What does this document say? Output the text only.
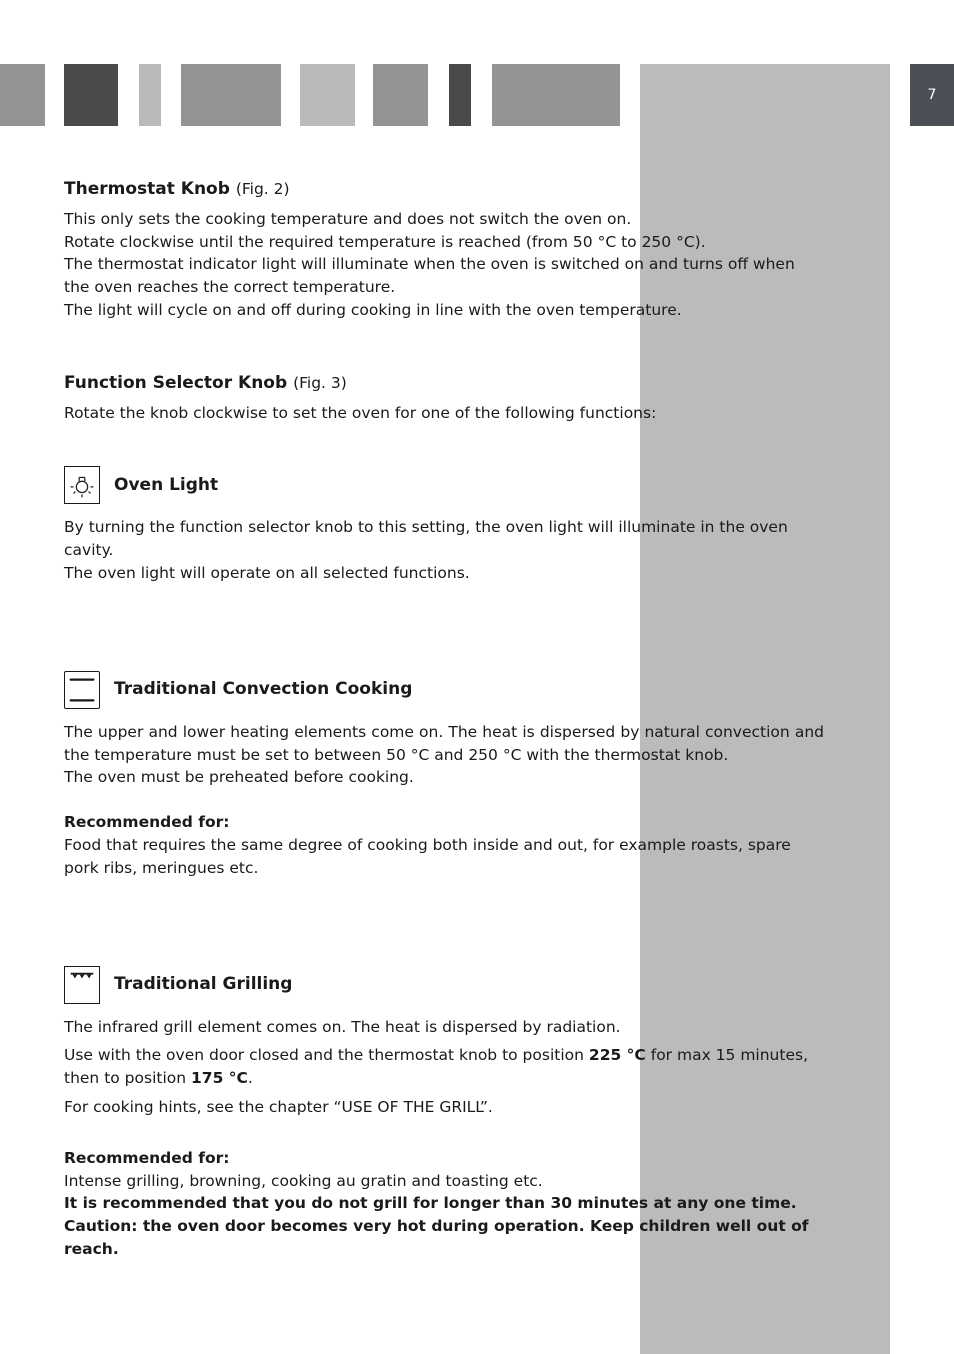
7
Thermostat Knob (Fig. 2)

This only sets the cooking temperature and does not switch the oven on.

Rotate clockwise until the required temperature is reached (from 50 °C to 250 °C).

The thermostat indicator light will illuminate when the oven is switched on and turns off when the oven reaches the correct temperature.

The light will cycle on and off during cooking in line with the oven temperature.

Function Selector Knob (Fig. 3)

Rotate the knob clockwise to set the oven for one of the following functions:

Oven Light

By turning the function selector knob to this setting, the oven light will illuminate in the oven cavity.

The oven light will operate on all selected functions.

Traditional Convection Cooking

The upper and lower heating elements come on. The heat is dispersed by natural convection and the temperature must be set to between 50 °C and 250 °C with the thermostat knob.

The oven must be preheated before cooking.

Recommended for:

Food that requires the same degree of cooking both inside and out, for example roasts, spare pork ribs, meringues etc.

Traditional Grilling

The infrared grill element comes on. The heat is dispersed by radiation.

Use with the oven door closed and the thermostat knob to position 225 °C for max 15 minutes, then to position 175 °C.

For cooking hints, see the chapter “USE OF THE GRILL”.

Recommended for:

Intense grilling, browning, cooking au gratin and toasting etc.

It is recommended that you do not grill for longer than 30 minutes at any one time.

Caution: the oven door becomes very hot during operation. Keep children well out of reach.
